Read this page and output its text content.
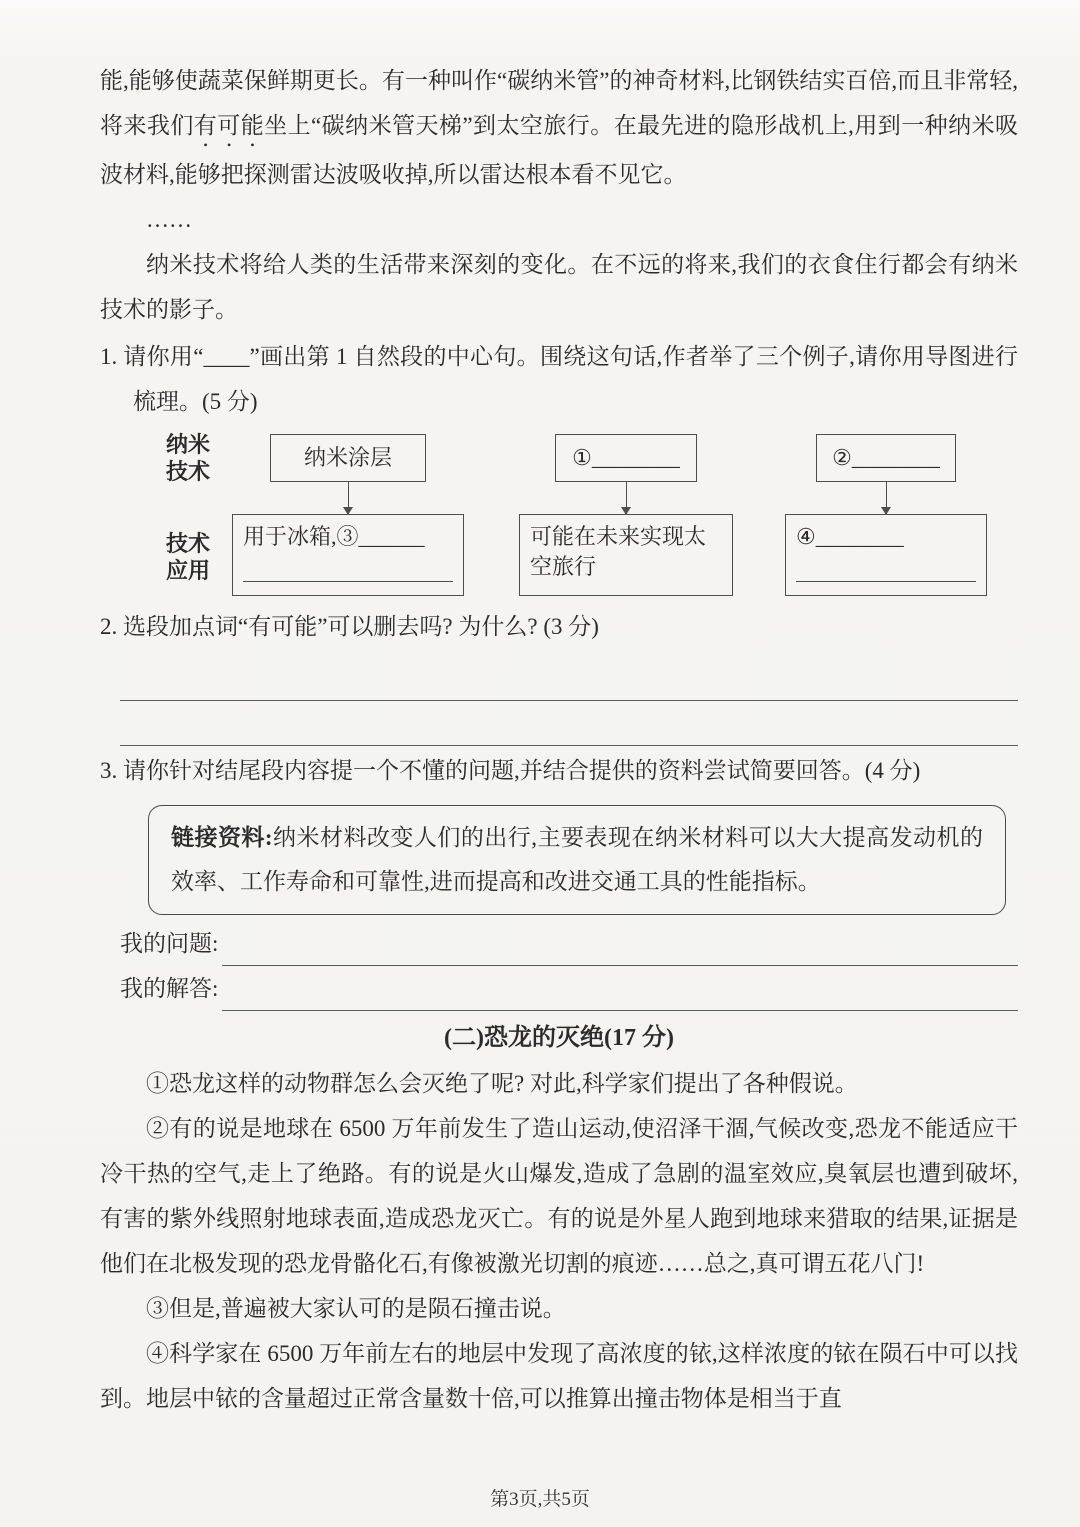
能,能够使蔬菜保鲜期更长。有一种叫作“碳纳米管”的神奇材料,比钢铁结实百倍,而且非常轻,将来我们有可能坐上“碳纳米管天梯”到太空旅行。在最先进的隐形战机上,用到一种纳米吸波材料,能够把探测雷达波吸收掉,所以雷达根本看不见它。

……

纳米技术将给人类的生活带来深刻的变化。在不远的将来,我们的衣食住行都会有纳米技术的影子。

1. 请你用“____”画出第 1 自然段的中心句。围绕这句话,作者举了三个例子,请你用导图进行梳理。(5 分)
纳米技术
技术应用
纳米涂层
用于冰箱,③______
①________
可能在未来实现太空旅行
②________
④________
2. 选段加点词“有可能”可以删去吗? 为什么? (3 分)
3. 请你针对结尾段内容提一个不懂的问题,并结合提供的资料尝试简要回答。(4 分)
链接资料:纳米材料改变人们的出行,主要表现在纳米材料可以大大提高发动机的效率、工作寿命和可靠性,进而提高和改进交通工具的性能指标。
我的问题:
我的解答:
(二)恐龙的灭绝(17 分)

①恐龙这样的动物群怎么会灭绝了呢? 对此,科学家们提出了各种假说。

②有的说是地球在 6500 万年前发生了造山运动,使沼泽干涸,气候改变,恐龙不能适应干冷干热的空气,走上了绝路。有的说是火山爆发,造成了急剧的温室效应,臭氧层也遭到破坏,有害的紫外线照射地球表面,造成恐龙灭亡。有的说是外星人跑到地球来猎取的结果,证据是他们在北极发现的恐龙骨骼化石,有像被激光切割的痕迹……总之,真可谓五花八门!

③但是,普遍被大家认可的是陨石撞击说。

④科学家在 6500 万年前左右的地层中发现了高浓度的铱,这样浓度的铱在陨石中可以找到。地层中铱的含量超过正常含量数十倍,可以推算出撞击物体是相当于直

第3页,共5页
